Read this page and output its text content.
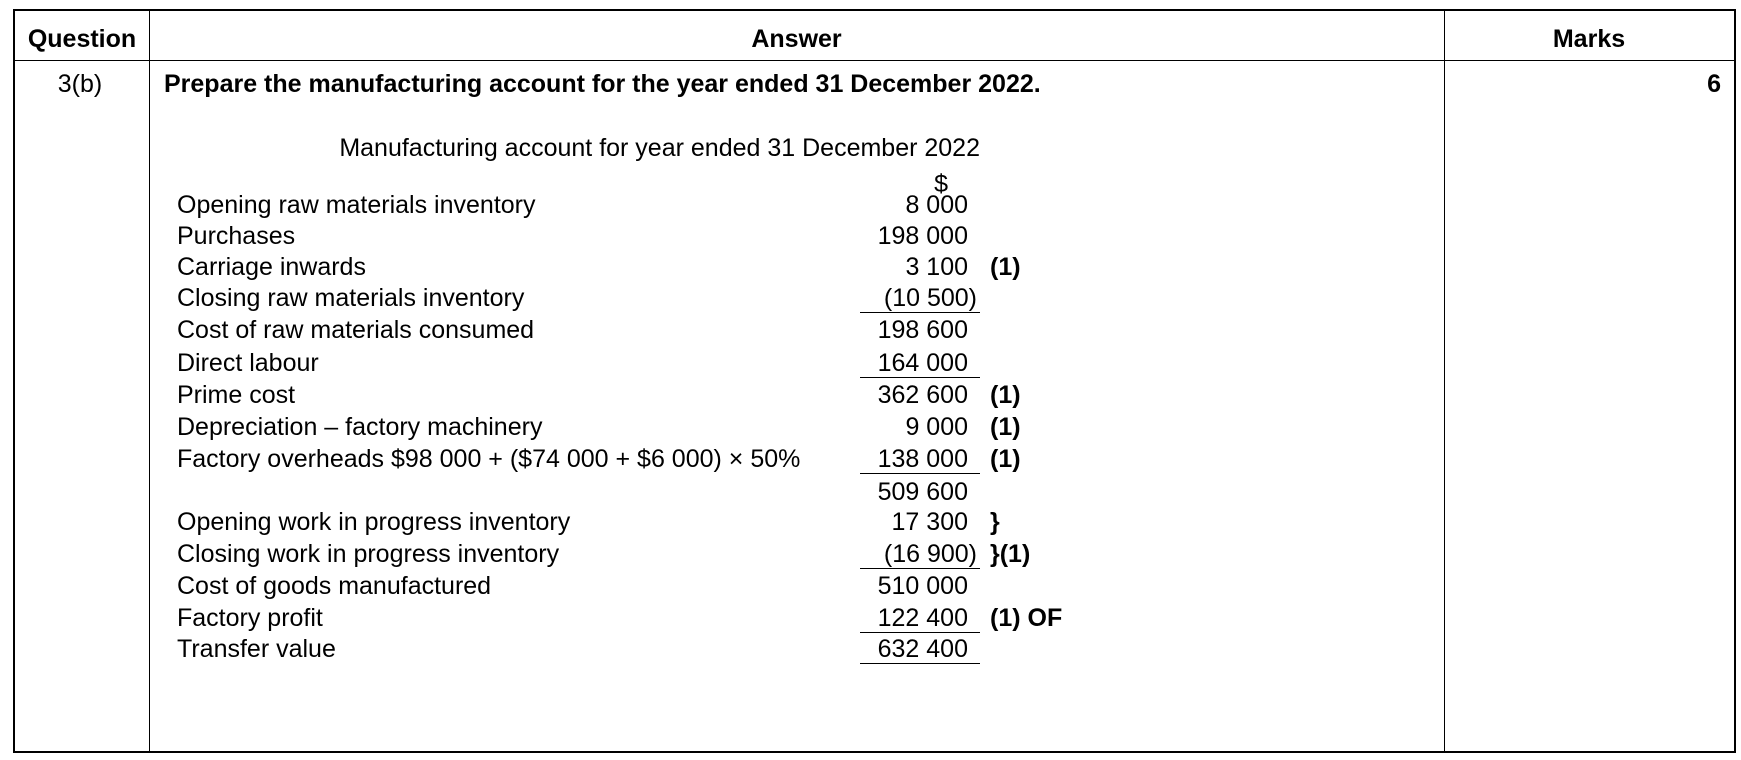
Question	Answer	Marks
3(b)	Prepare the manufacturing account for the year ended 31 December 2022.	6
Manufacturing account for year ended 31 December 2022
$
Opening raw materials inventory	8 000
Purchases	198 000
Carriage inwards	3 100 (1)
Closing raw materials inventory	(10 500)
Cost of raw materials consumed	198 600
Direct labour	164 000
Prime cost	362 600 (1)
Depreciation – factory machinery	9 000 (1)
Factory overheads $98 000 + ($74 000 + $6 000) × 50%	138 000 (1)
509 600
Opening work in progress inventory	17 300 }
Closing work in progress inventory	(16 900) }(1)
Cost of goods manufactured	510 000
Factory profit	122 400 (1) OF
Transfer value	632 400
